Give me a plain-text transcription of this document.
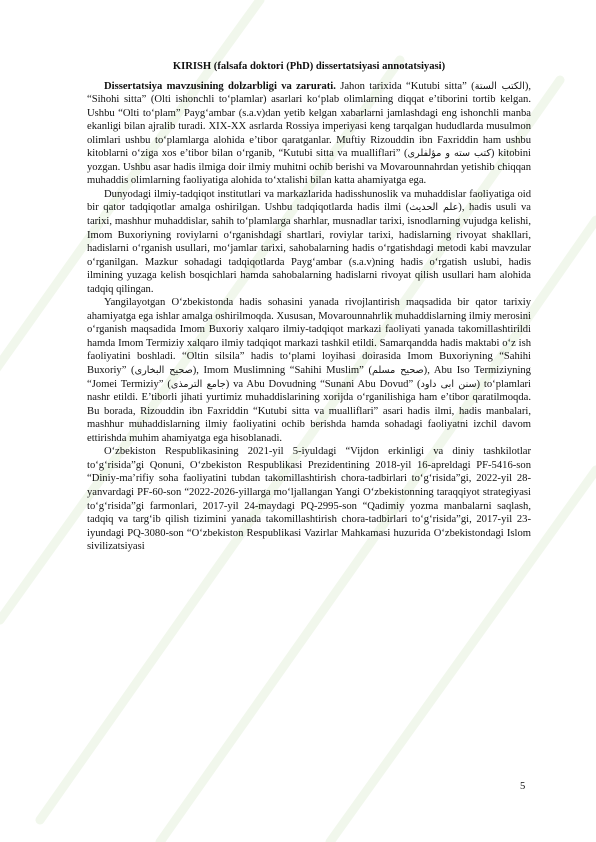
KIRISH (falsafa doktori (PhD) dissertatsiyasi annotatsiyasi)

Dissertatsiya mavzusining dolzarbligi va zarurati. Jahon tarixida “Kutubi sitta” (الكتب الستة), “Sihohi sitta” (Olti ishonchli to‘plamlar) asarlari ko‘plab olimlarning diqqat e’tiborini tortib kelgan. Ushbu “Olti to‘plam” Payg‘ambar (s.a.v)dan yetib kelgan xabarlarni jamlashdagi eng ishonchli manba ekanligi bilan ajralib turadi. XIX-XX asrlarda Rossiya imperiyasi keng tarqalgan hududlarda musulmon olimlari ushbu to‘plamlarga alohida e’tibor qaratganlar. Muftiy Rizouddin ibn Faxriddin ham ushbu kitoblarni o‘ziga xos e’tibor bilan o‘rganib, “Kutubi sitta va mualliflari” (کتب سته و مؤلفلری) kitobini yozgan. Ushbu asar hadis ilmiga doir ilmiy muhitni ochib berishi va Movarounnahrdan yetishib chiqqan muhaddis olimlarning faoliyatiga alohida to‘xtalishi bilan katta ahamiyatga ega.

Dunyodagi ilmiy-tadqiqot institutlari va markazlarida hadisshunoslik va muhaddislar faoliyatiga oid bir qator tadqiqotlar amalga oshirilgan. Ushbu tadqiqotlarda hadis ilmi (علم الحديث), hadis usuli va tarixi, mashhur muhaddislar, sahih to‘plamlarga sharhlar, musnadlar tarixi, isnodlarning vujudga kelishi, Imom Buxoriyning roviylarni o‘rganishdagi shartlari, roviylar tarixi, hadislarning rivoyat shakllari, hadislarni o‘rganish usullari, mo‘jamlar tarixi, sahobalarning hadis o‘rgatishdagi metodi kabi mavzular o‘rganilgan. Mazkur sohadagi tadqiqotlarda Payg‘ambar (s.a.v)ning hadis o‘rgatish uslubi, hadis ilmining yuzaga kelish bosqichlari hamda sahobalarning hadislarni rivoyat qilish usullari ham alohida tadqiq qilingan.

Yangilayotgan O‘zbekistonda hadis sohasini yanada rivojlantirish maqsadida bir qator tarixiy ahamiyatga ega ishlar amalga oshirilmoqda. Xususan, Movarounnahrlik muhaddislarning ilmiy merosini o‘rganish maqsadida Imom Buxoriy xalqaro ilmiy-tadqiqot markazi faoliyati yanada takomillashtirildi hamda Imom Termiziy xalqaro ilmiy tadqiqot markazi tashkil etildi. Samarqandda hadis maktabi o‘z ish faoliyatini boshladi. “Oltin silsila” hadis to‘plami loyihasi doirasida Imom Buxoriyning “Sahihi Buxoriy” (صحيح البخاری), Imom Muslimning “Sahihi Muslim” (صحيح مسلم), Abu Iso Termiziyning “Jomei Termiziy” (جامع الترمذی) va Abu Dovudning “Sunani Abu Dovud” (سنن ابی داود) to‘plamlari nashr etildi. E’tiborli jihati yurtimiz muhaddislarining xorijda o‘rganilishiga ham e’tibor qaratilmoqda. Bu borada, Rizouddin ibn Faxriddin “Kutubi sitta va mualliflari” asari hadis ilmi, hadis manbalari, mashhur muhaddislarning ilmiy faoliyatini ochib berishda hamda sohadagi faoliyatni izchil davom ettirishda muhim ahamiyatga ega hisoblanadi.

O‘zbekiston Respublikasining 2021-yil 5-iyuldagi “Vijdon erkinligi va diniy tashkilotlar to‘g‘risida”gi Qonuni, O‘zbekiston Respublikasi Prezidentining 2018-yil 16-apreldagi PF-5416-son “Diniy-ma’rifiy soha faoliyatini tubdan takomillashtirish chora-tadbirlari to‘g‘risida”gi, 2022-yil 28-yanvardagi PF-60-son “2022-2026-yillarga mo‘ljallangan Yangi O‘zbekistonning taraqqiyot strategiyasi to‘g‘risida”gi farmonlari, 2017-yil 24-maydagi PQ-2995-son “Qadimiy yozma manbalarni saqlash, tadqiq va targ‘ib qilish tizimini yanada takomillashtirish chora-tadbirlari to‘g‘risida”gi, 2017-yil 23-iyundagi PQ-3080-son “O‘zbekiston Respublikasi Vazirlar Mahkamasi huzurida O‘zbekistondagi Islom sivilizatsiyasi

5
